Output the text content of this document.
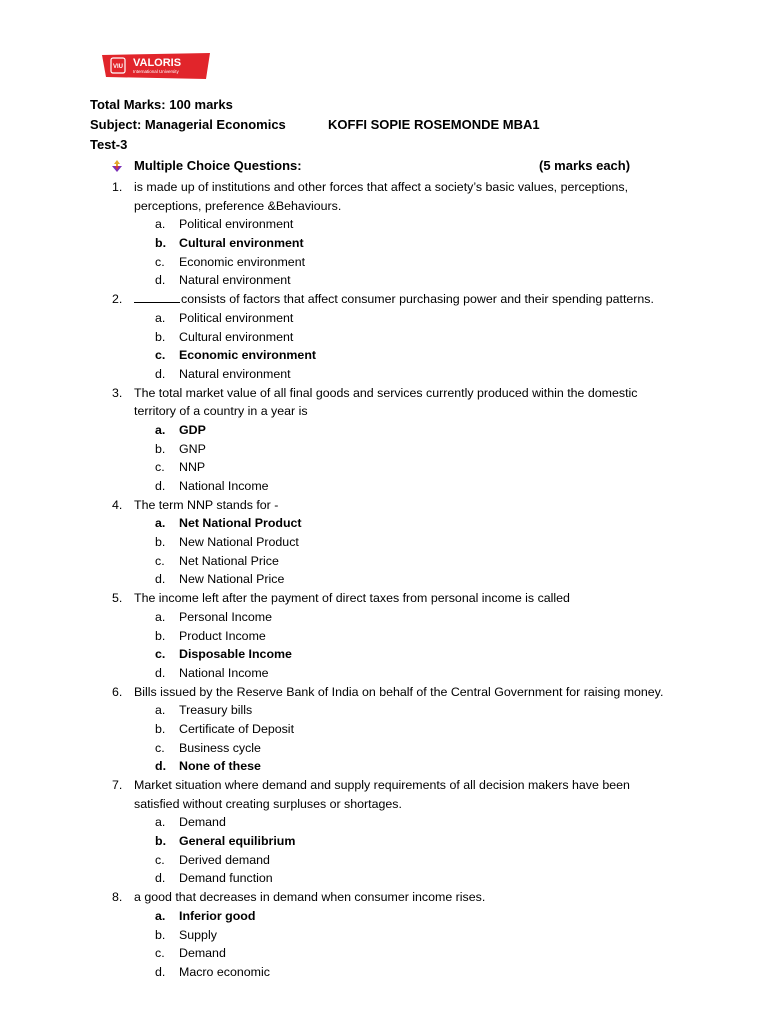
VIU VALORIS
International University
Total Marks: 100 marks
Subject: Managerial Economics	KOFFI SOPIE ROSEMONDE MBA1
Test-3
Multiple Choice Questions:	(5 marks each)
1. is made up of institutions and other forces that affect a society’s basic values, perceptions,
perceptions, preference &Behaviours.
a. Political environment
b. Cultural environment
c. Economic environment
d. Natural environment
2.	consists of factors that affect consumer purchasing power and their spending patterns.
a. Political environment
b. Cultural environment
c. Economic environment
d. Natural environment
3. The total market value of all final goods and services currently produced within the domestic
territory of a country in a year is
a. GDP
b. GNP
c. NNP
d. National Income
4. The term NNP stands for -
a. Net National Product
b. New National Product
c. Net National Price
d. New National Price
5. The income left after the payment of direct taxes from personal income is called
a. Personal Income
b. Product Income
c. Disposable Income
d. National Income
6. Bills issued by the Reserve Bank of India on behalf of the Central Government for raising money.
a. Treasury bills
b. Certificate of Deposit
c. Business cycle
d. None of these
7. Market situation where demand and supply requirements of all decision makers have been
satisfied without creating surpluses or shortages.
a. Demand
b. General equilibrium
c. Derived demand
d. Demand function
8. a good that decreases in demand when consumer income rises.
a. Inferior good
b. Supply
c. Demand
d. Macro economic
